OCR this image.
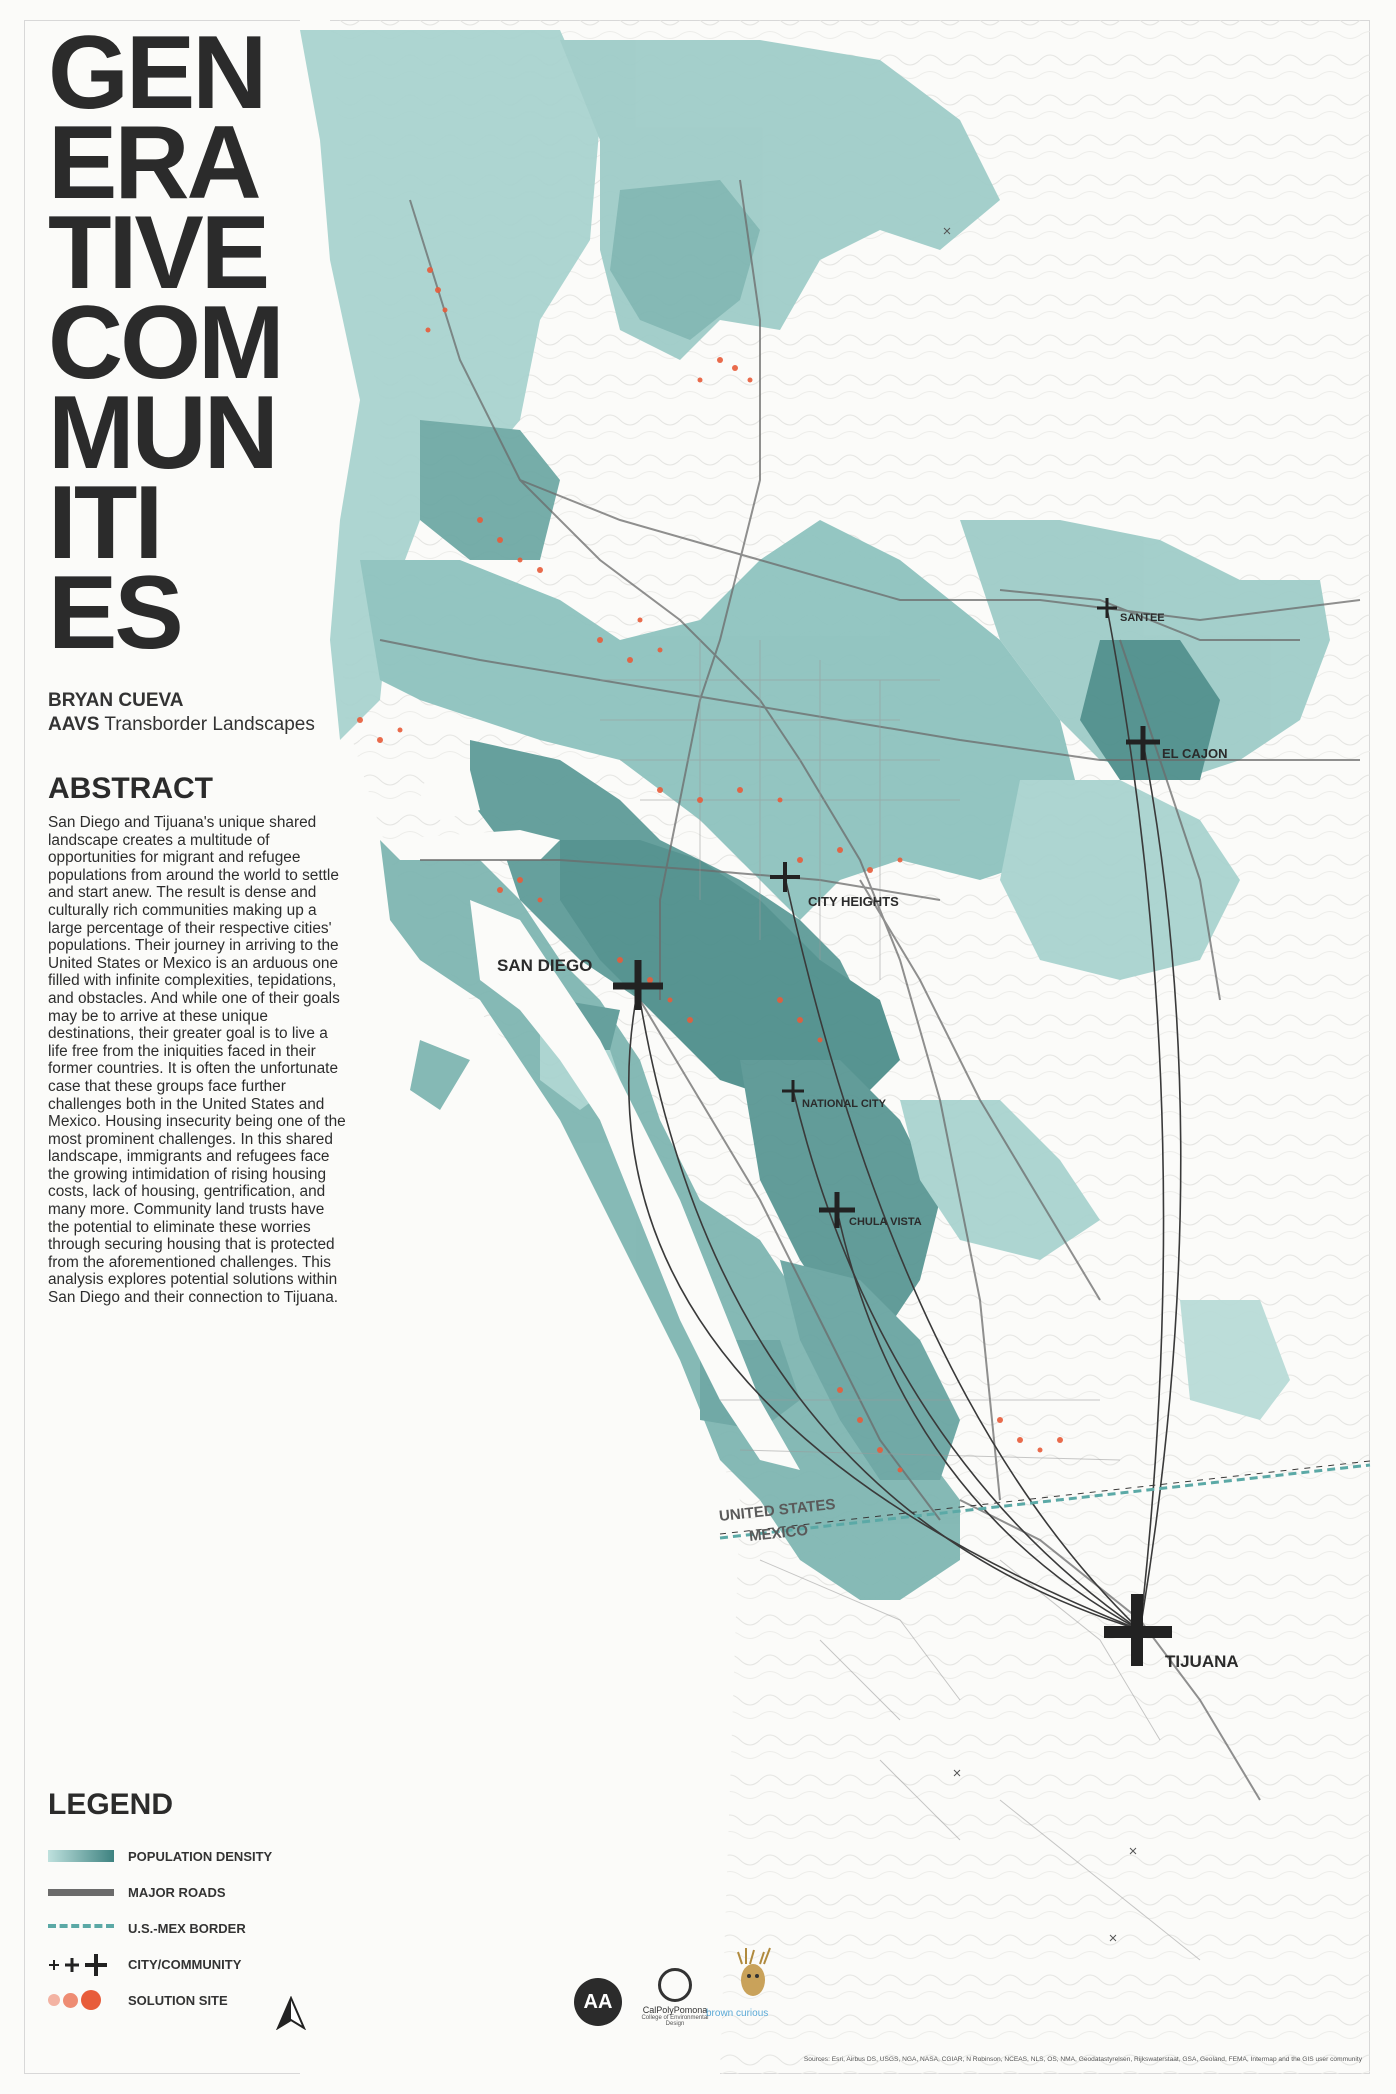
SANTEE
EL CAJON
CITY HEIGHTS
SAN DIEGO
NATIONAL CITY
CHULA VISTA
TIJUANA
UNITED STATES
MEXICO
GEN
ERA
TIVE
COM
MUN
ITI
ES
BRYAN CUEVA
AAVS Transborder Landscapes
ABSTRACT
San Diego and Tijuana's unique shared landscape creates a multitude of opportunities for migrant and refugee populations from around the world to settle and start anew. The result is dense and culturally rich communities making up a large percentage of their respective cities' populations. Their journey in arriving to the United States or Mexico is an arduous one filled with infinite complexities, tepidations, and obstacles. And while one of their goals may be to arrive at these unique destinations, their greater goal is to live a life free from the iniquities faced in their former countries. It is often the unfortunate case that these groups face further challenges both in the United States and Mexico. Housing insecurity being one of the most prominent challenges. In this shared landscape, immigrants and refugees face the growing intimidation of rising housing costs, lack of housing, gentrification, and many more. Community land trusts have the potential to eliminate these worries through securing housing that is protected from the aforementioned challenges. This analysis explores potential solutions within San Diego and their connection to Tijuana.
LEGEND
POPULATION DENSITY
MAJOR ROADS
U.S.-MEX BORDER
CITY/COMMUNITY
SOLUTION SITE	AA	CalPolyPomona
College of Environmental Design
brown curious
Sources: Esri, Airbus DS, USGS, NGA, NASA, CGIAR, N Robinson, NCEAS, NLS, OS, NMA, Geodatastyrelsen, Rijkswaterstaat, GSA, Geoland, FEMA, Intermap and the GIS user community
